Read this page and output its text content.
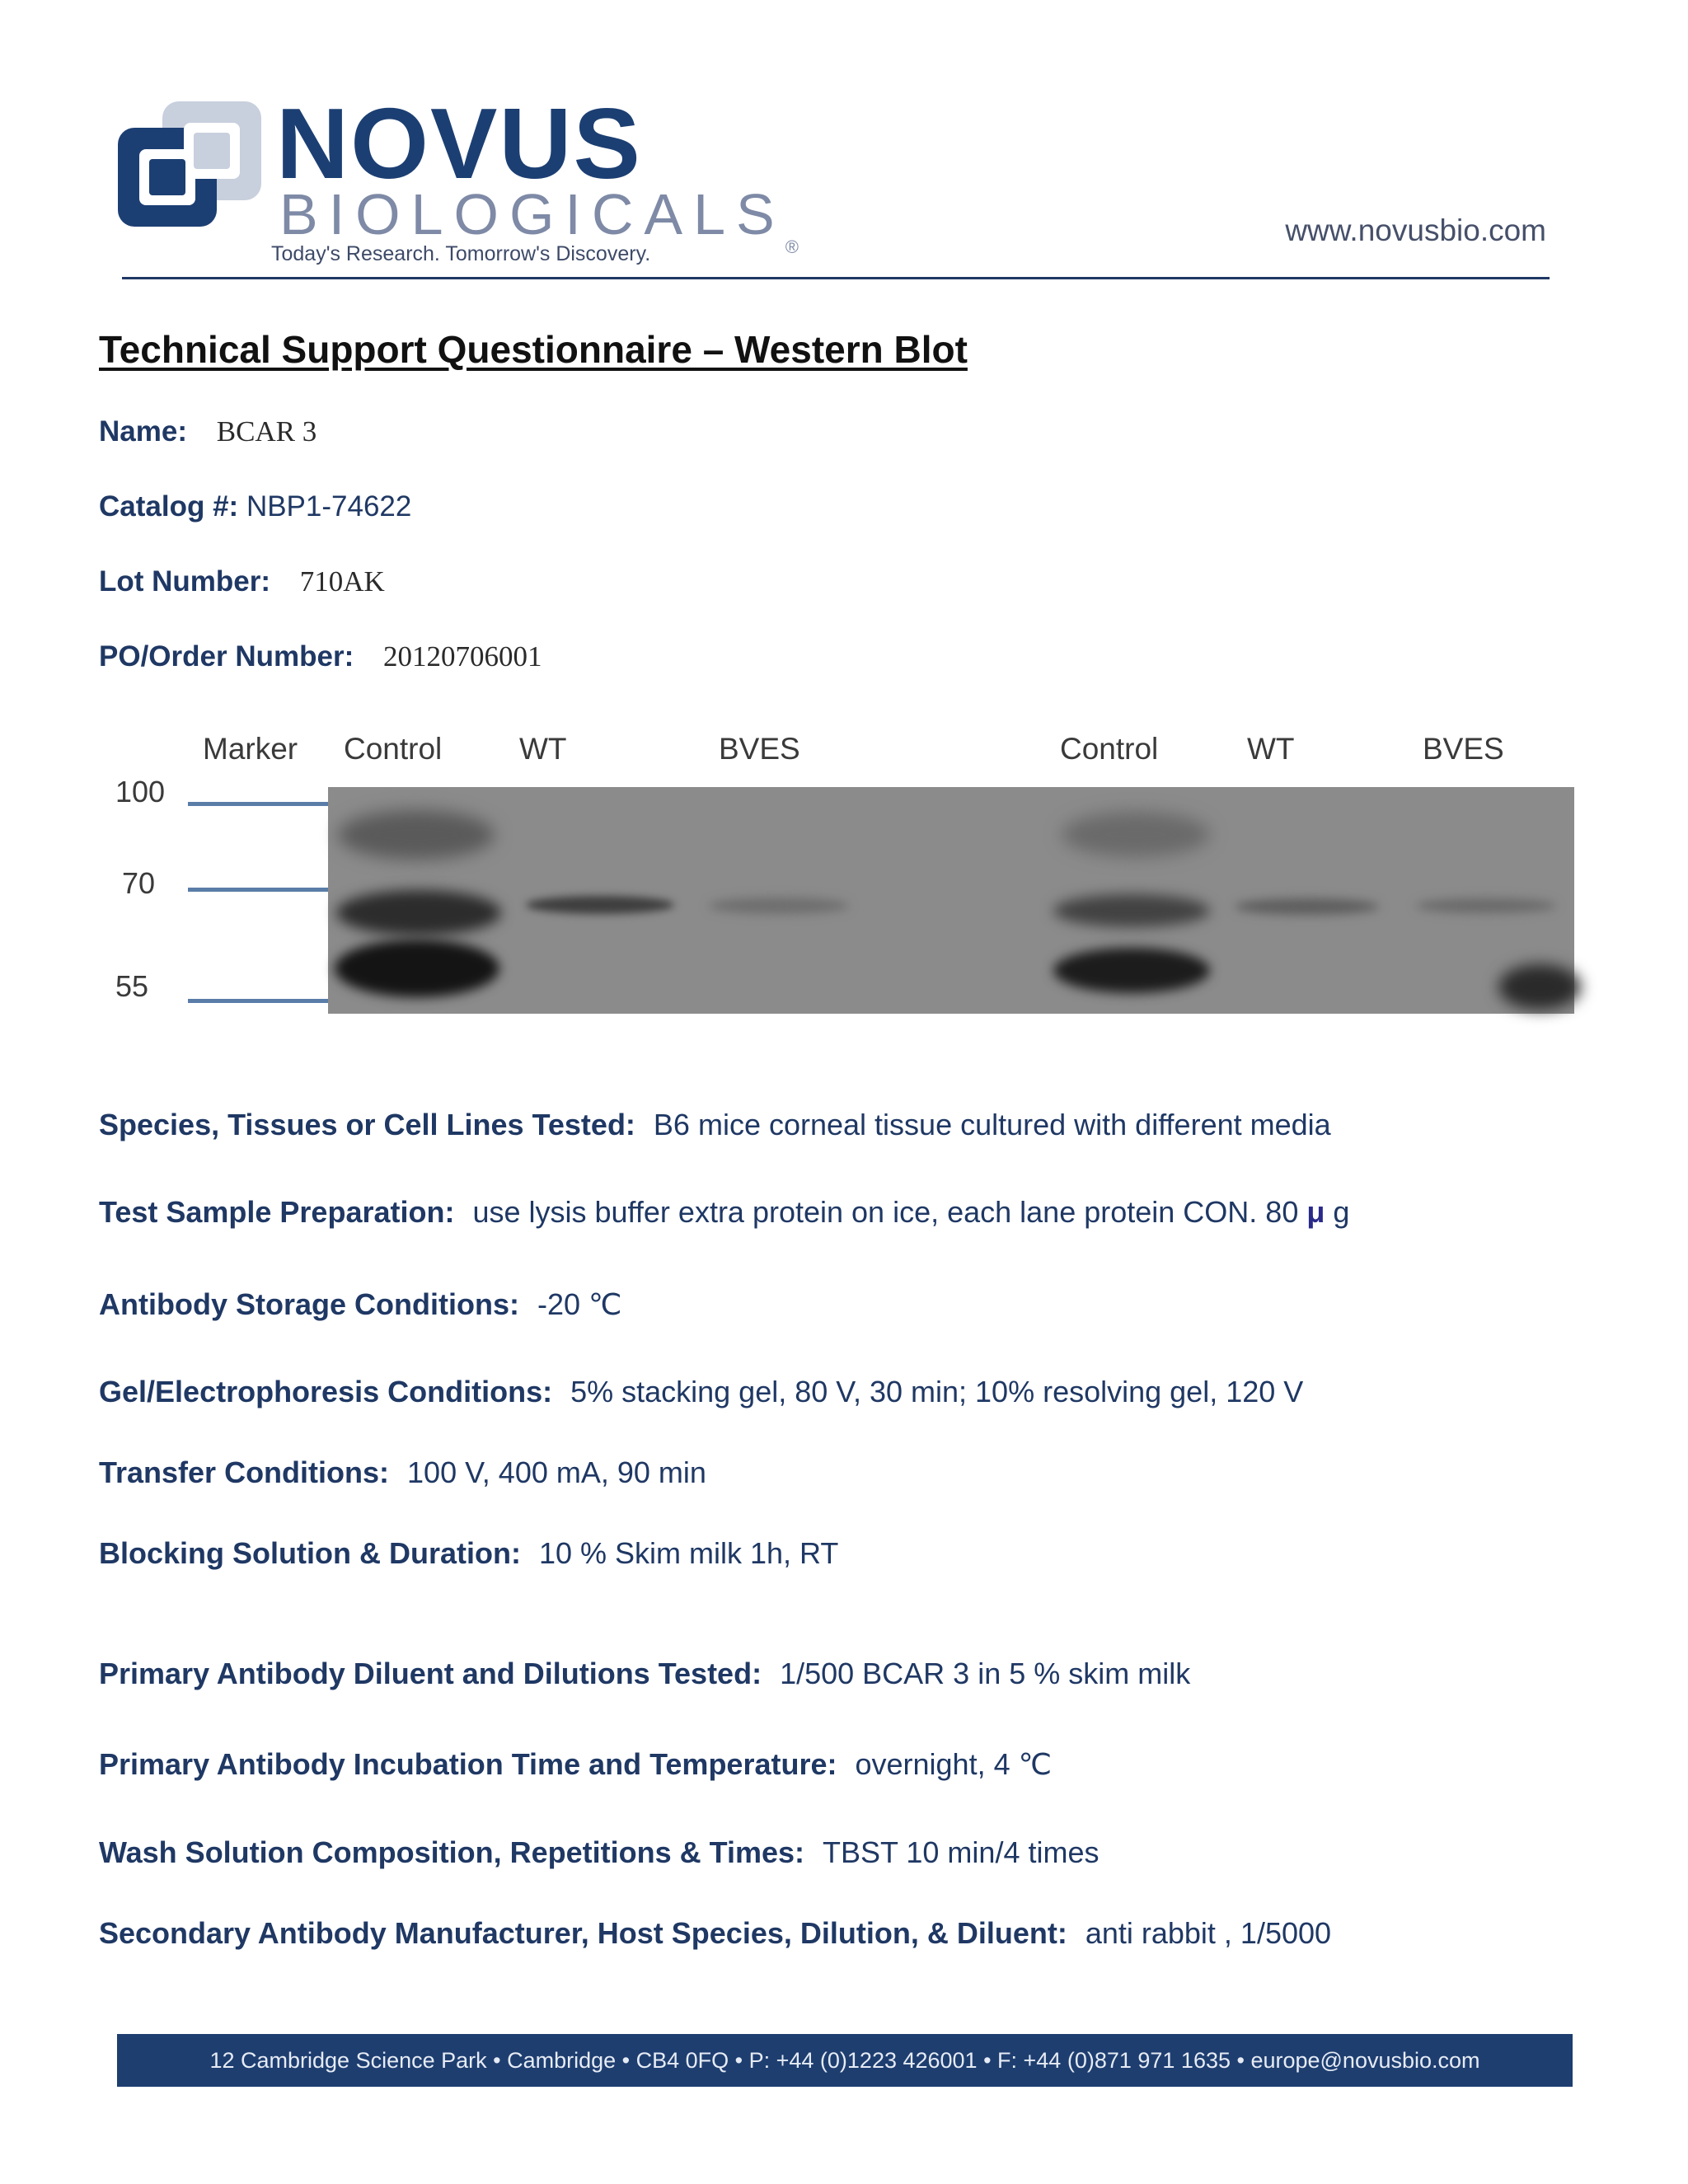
NOVUS
BIOLOGICALS®
Today's Research. Tomorrow's Discovery.
www.novusbio.com
Technical Support Questionnaire – Western Blot
Name: BCAR 3
Catalog #: NBP1-74622
Lot Number: 710AK
PO/Order Number: 20120706001
Marker Control	WT	BVES	Control	WT	BVES
100
70
55
Species, Tissues or Cell Lines Tested: B6 mice corneal tissue cultured with different media
Test Sample Preparation: use lysis buffer extra protein on ice, each lane protein CON. 80 μ g
Antibody Storage Conditions: -20 ℃
Gel/Electrophoresis Conditions: 5% stacking gel, 80 V, 30 min; 10% resolving gel, 120 V
Transfer Conditions: 100 V, 400 mA, 90 min
Blocking Solution & Duration: 10 % Skim milk 1h, RT
Primary Antibody Diluent and Dilutions Tested: 1/500 BCAR 3 in 5 % skim milk
Primary Antibody Incubation Time and Temperature: overnight, 4 ℃
Wash Solution Composition, Repetitions & Times: TBST 10 min/4 times
Secondary Antibody Manufacturer, Host Species, Dilution, & Diluent: anti rabbit , 1/5000
12 Cambridge Science Park • Cambridge • CB4 0FQ • P: +44 (0)1223 426001 • F: +44 (0)871 971 1635 • europe@novusbio.com
